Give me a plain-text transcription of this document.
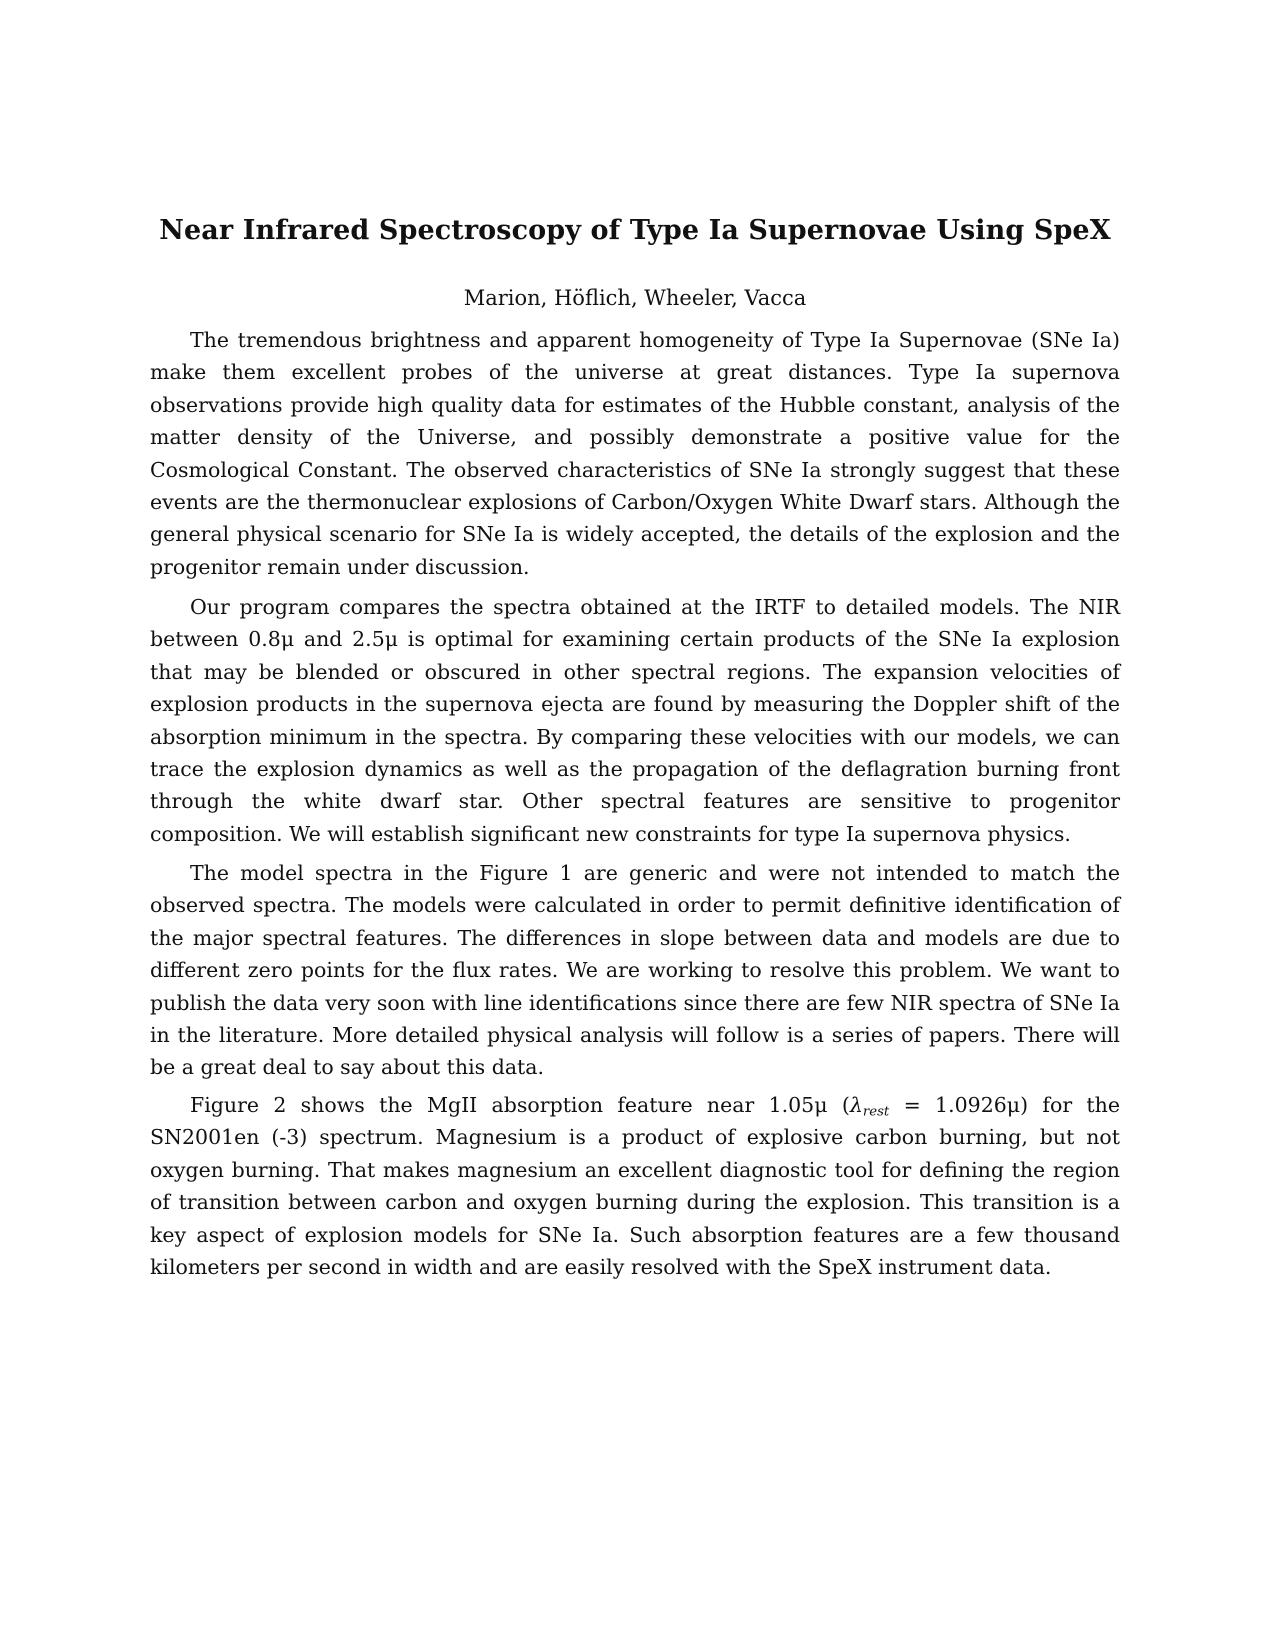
Near Infrared Spectroscopy of Type Ia Supernovae Using SpeX
Marion, Höflich, Wheeler, Vacca

The tremendous brightness and apparent homogeneity of Type Ia Supernovae (SNe Ia) make them excellent probes of the universe at great distances. Type Ia supernova observations provide high quality data for estimates of the Hubble constant, analysis of the matter density of the Universe, and possibly demonstrate a positive value for the Cosmological Constant. The observed characteristics of SNe Ia strongly suggest that these events are the thermonuclear explosions of Carbon/Oxygen White Dwarf stars. Although the general physical scenario for SNe Ia is widely accepted, the details of the explosion and the progenitor remain under discussion.

Our program compares the spectra obtained at the IRTF to detailed models. The NIR between 0.8μ and 2.5μ is optimal for examining certain products of the SNe Ia explosion that may be blended or obscured in other spectral regions. The expansion velocities of explosion products in the supernova ejecta are found by measuring the Doppler shift of the absorption minimum in the spectra. By comparing these velocities with our models, we can trace the explosion dynamics as well as the propagation of the deflagration burning front through the white dwarf star. Other spectral features are sensitive to progenitor composition. We will establish significant new constraints for type Ia supernova physics.

The model spectra in the Figure 1 are generic and were not intended to match the observed spectra. The models were calculated in order to permit definitive identification of the major spectral features. The differences in slope between data and models are due to different zero points for the flux rates. We are working to resolve this problem. We want to publish the data very soon with line identifications since there are few NIR spectra of SNe Ia in the literature. More detailed physical analysis will follow is a series of papers. There will be a great deal to say about this data.

Figure 2 shows the MgII absorption feature near 1.05μ $(\lambda_{rest} = 1.0926\mu)$ for the SN2001en (-3) spectrum. Magnesium is a product of explosive carbon burning, but not oxygen burning. That makes magnesium an excellent diagnostic tool for defining the region of transition between carbon and oxygen burning during the explosion. This transition is a key aspect of explosion models for SNe Ia. Such absorption features are a few thousand kilometers per second in width and are easily resolved with the SpeX instrument data.
